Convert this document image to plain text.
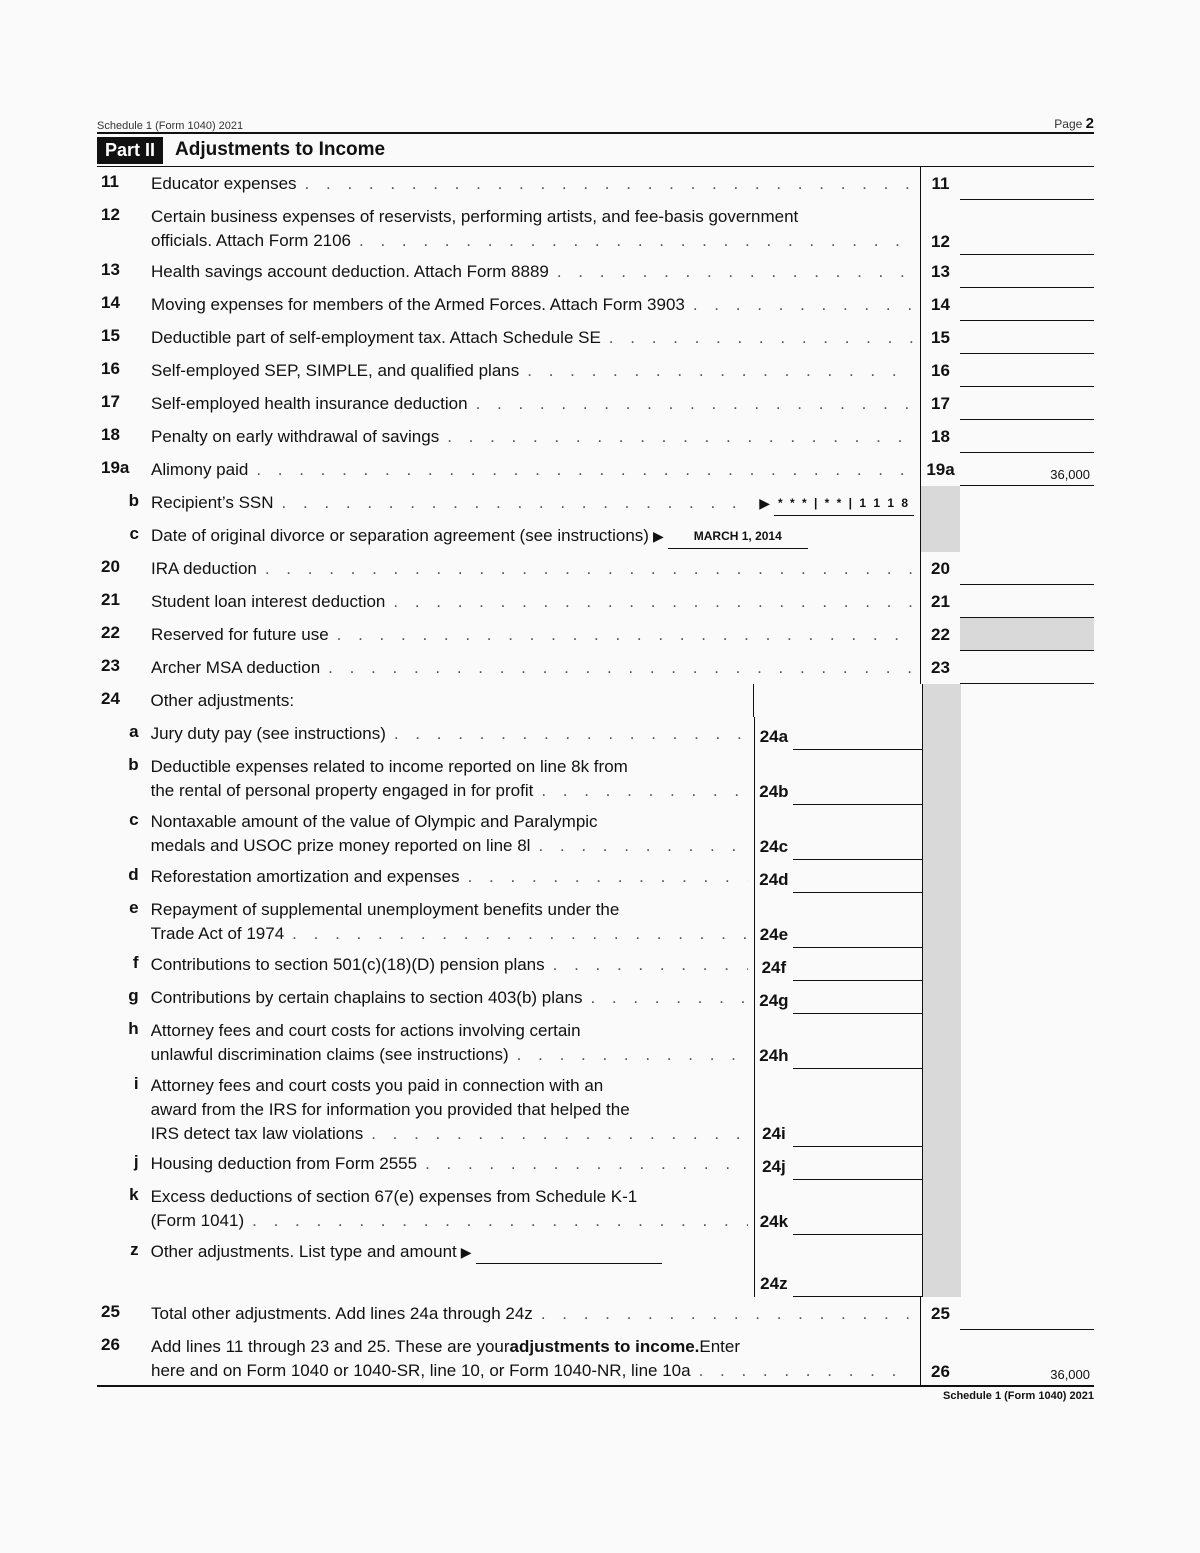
Schedule 1 (Form 1040) 2021	Page 2
Part II	Adjustments to Income
11	Educator expenses . . .	11
12	Certain business expenses of reservists, performing artists, and fee-basis government
officials. Attach Form 2106 . . .	12
13	Health savings account deduction. Attach Form 8889 . . .	13
14	Moving expenses for members of the Armed Forces. Attach Form 3903 . . .	14
15	Deductible part of self-employment tax. Attach Schedule SE . . .	15
16	Self-employed SEP, SIMPLE, and qualified plans . . .	16
17	Self-employed health insurance deduction . . .	17
18	Penalty on early withdrawal of savings . . .	18
19a	Alimony paid . . .	19a	36,000
b Recipient’s SSN . . .	▶ * * * | * * | 1 1 1 8
c Date of original divorce or separation agreement (see instructions) ▶	MARCH 1, 2014
20	IRA deduction . . .	20
21	Student loan interest deduction . . .	21
22	Reserved for future use . . .	22
23	Archer MSA deduction . . .	23
24	Other adjustments:
a Jury duty pay (see instructions) . . .	24a
b Deductible expenses related to income reported on line 8k from
the rental of personal property engaged in for profit . . .	24b
c Nontaxable amount of the value of Olympic and Paralympic
medals and USOC prize money reported on line 8l . . .	24c
d Reforestation amortization and expenses . . .	24d
e Repayment of supplemental unemployment benefits under the
Trade Act of 1974 . . .	24e
f Contributions to section 501(c)(18)(D) pension plans . . .	24f
g Contributions by certain chaplains to section 403(b) plans . . .	24g
h Attorney fees and court costs for actions involving certain
unlawful discrimination claims (see instructions) . . .	24h
i Attorney fees and court costs you paid in connection with an
award from the IRS for information you provided that helped the
IRS detect tax law violations . . .	24i
j Housing deduction from Form 2555 . . .	24j
k Excess deductions of section 67(e) expenses from Schedule K-1
(Form 1041) . . .	24k
z Other adjustments. List type and amount ▶
24z
25	Total other adjustments. Add lines 24a through 24z . . .	25
26	Add lines 11 through 23 and 25. These are your adjustments to income. Enter
here and on Form 1040 or 1040-SR, line 10, or Form 1040-NR, line 10a . . .	26	36,000
Schedule 1 (Form 1040) 2021
